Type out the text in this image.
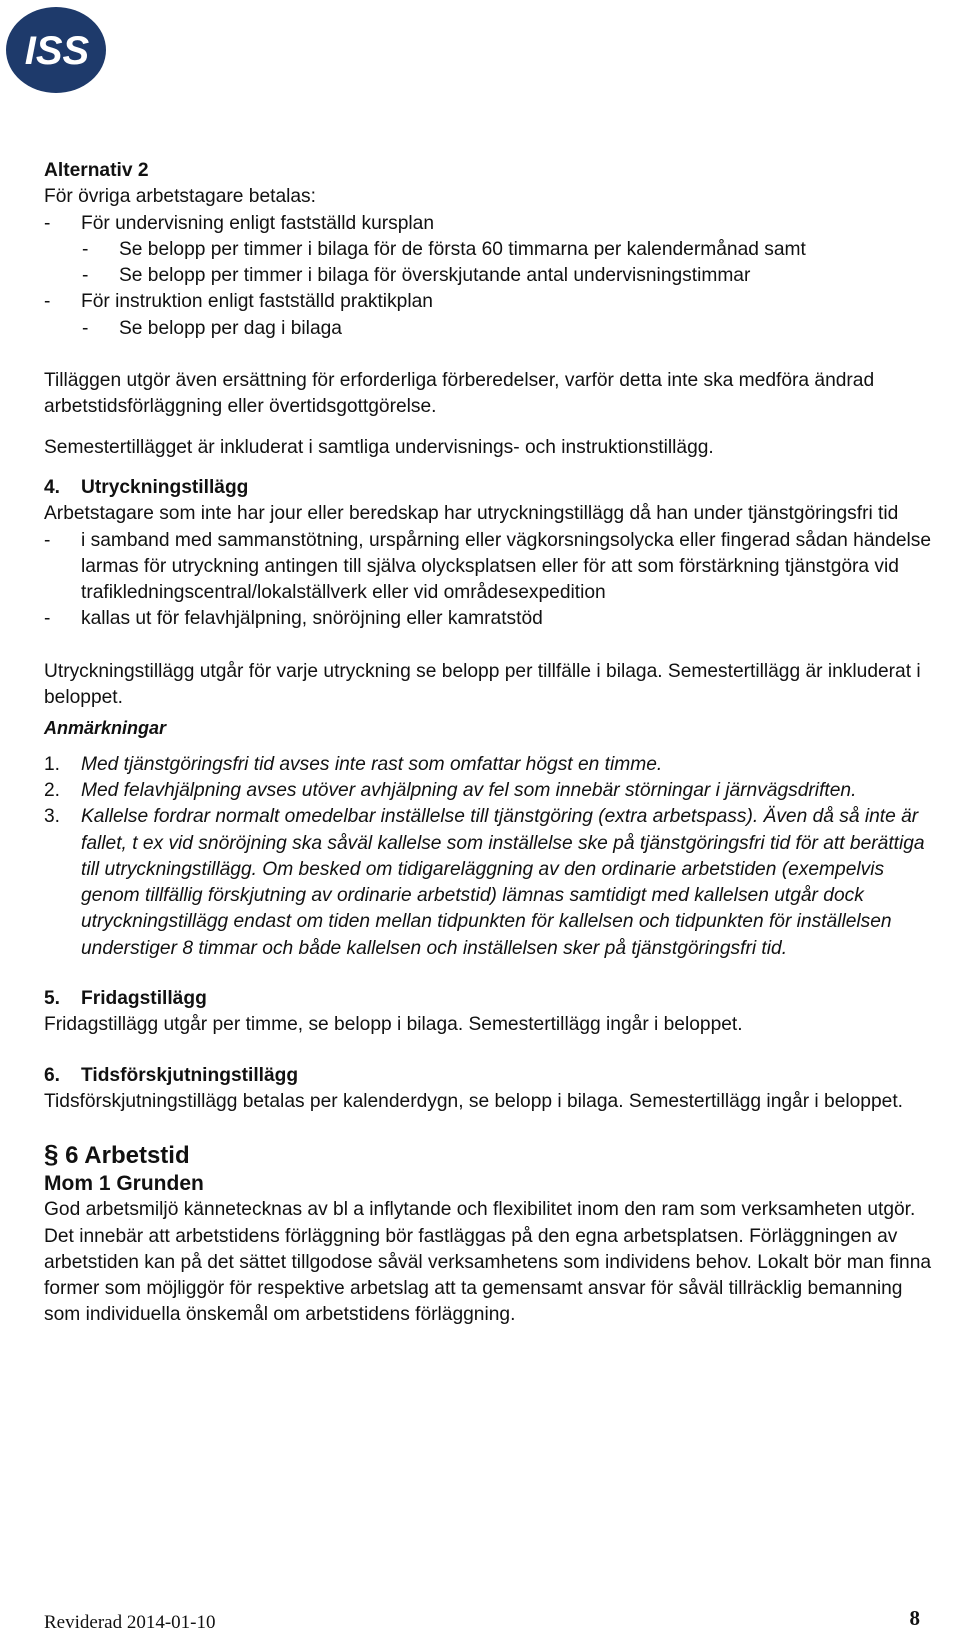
ISS
Alternativ 2
För övriga arbetstagare betalas:
- För undervisning enligt fastställd kursplan
- Se belopp per timmer i bilaga för de första 60 timmarna per kalendermånad samt
- Se belopp per timmer i bilaga för överskjutande antal undervisningstimmar
- För instruktion enligt fastställd praktikplan
- Se belopp per dag i bilaga
Tilläggen utgör även ersättning för erforderliga förberedelser, varför detta inte ska medföra ändrad arbetstidsförläggning eller övertidsgottgörelse.
Semestertillägget är inkluderat i samtliga undervisnings- och instruktionstillägg.
4. Utryckningstillägg
Arbetstagare som inte har jour eller beredskap har utryckningstillägg då han under tjänstgöringsfri tid
- i samband med sammanstötning, urspårning eller vägkorsningsolycka eller fingerad sådan händelse larmas för utryckning antingen till själva olycksplatsen eller för att som förstärkning tjänstgöra vid trafikledningscentral/lokalställverk eller vid områdesexpedition
- kallas ut för felavhjälpning, snöröjning eller kamratstöd
Utryckningstillägg utgår för varje utryckning se belopp per tillfälle i bilaga. Semestertillägg är inkluderat i beloppet.
Anmärkningar
1. Med tjänstgöringsfri tid avses inte rast som omfattar högst en timme.
2. Med felavhjälpning avses utöver avhjälpning av fel som innebär störningar i järnvägsdriften.
3. Kallelse fordrar normalt omedelbar inställelse till tjänstgöring (extra arbetspass). Även då så inte är fallet, t ex vid snöröjning ska såväl kallelse som inställelse ske på tjänstgöringsfri tid för att berättiga till utryckningstillägg. Om besked om tidigareläggning av den ordinarie arbetstiden (exempelvis genom tillfällig förskjutning av ordinarie arbetstid) lämnas samtidigt med kallelsen utgår dock utryckningstillägg endast om tiden mellan tidpunkten för kallelsen och tidpunkten för inställelsen understiger 8 timmar och både kallelsen och inställelsen sker på tjänstgöringsfri tid.
5. Fridagstillägg
Fridagstillägg utgår per timme, se belopp i bilaga. Semestertillägg ingår i beloppet.
6. Tidsförskjutningstillägg
Tidsförskjutningstillägg betalas per kalenderdygn, se belopp i bilaga. Semestertillägg ingår i beloppet.
§ 6 Arbetstid
Mom 1 Grunden
God arbetsmiljö kännetecknas av bl a inflytande och flexibilitet inom den ram som verksamheten utgör. Det innebär att arbetstidens förläggning bör fastläggas på den egna arbetsplatsen. Förläggningen av arbetstiden kan på det sättet tillgodose såväl verksamhetens som individens behov. Lokalt bör man finna former som möjliggör för respektive arbetslag att ta gemensamt ansvar för såväl tillräcklig bemanning som individuella önskemål om arbetstidens förläggning.
Reviderad 2014-01-10	8
